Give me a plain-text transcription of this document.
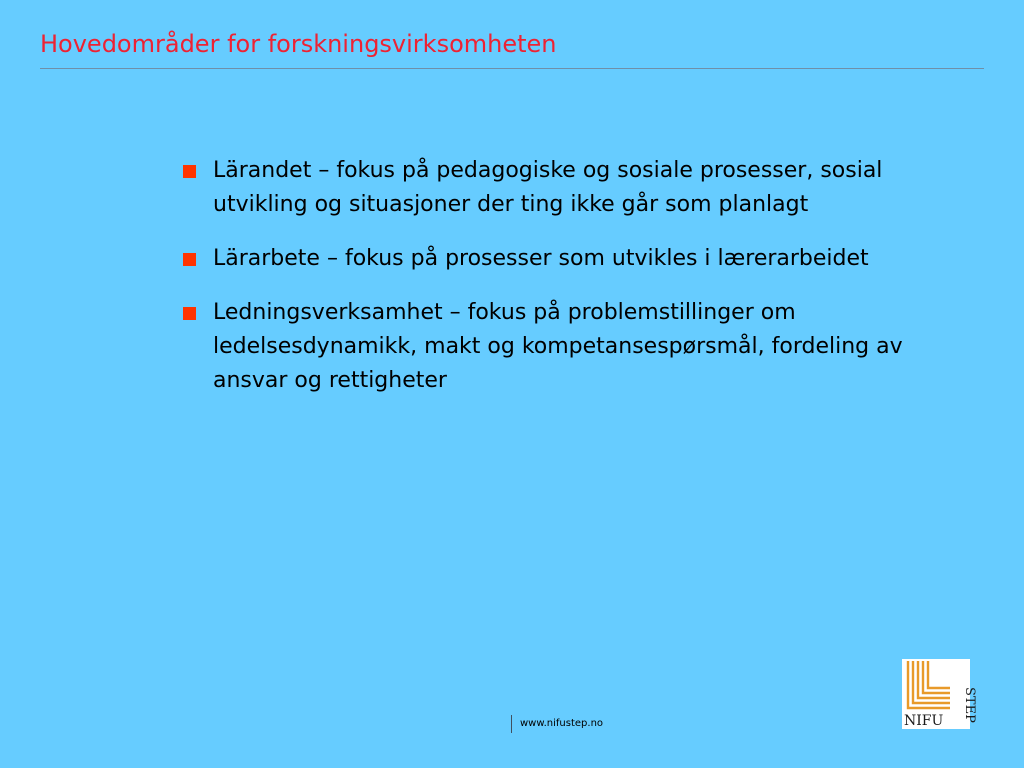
Hovedområder for forskningsvirksomheten
Lärandet – fokus på pedagogiske og sosiale prosesser, sosial utvikling og situasjoner der ting ikke går som planlagt
Lärarbete – fokus på prosesser som utvikles i lærerarbeidet
Ledningsverksamhet – fokus på problemstillinger om ledelsesdynamikk, makt og kompetansespørsmål, fordeling av ansvar og rettigheter
www.nifustep.no	NIFU STEP
